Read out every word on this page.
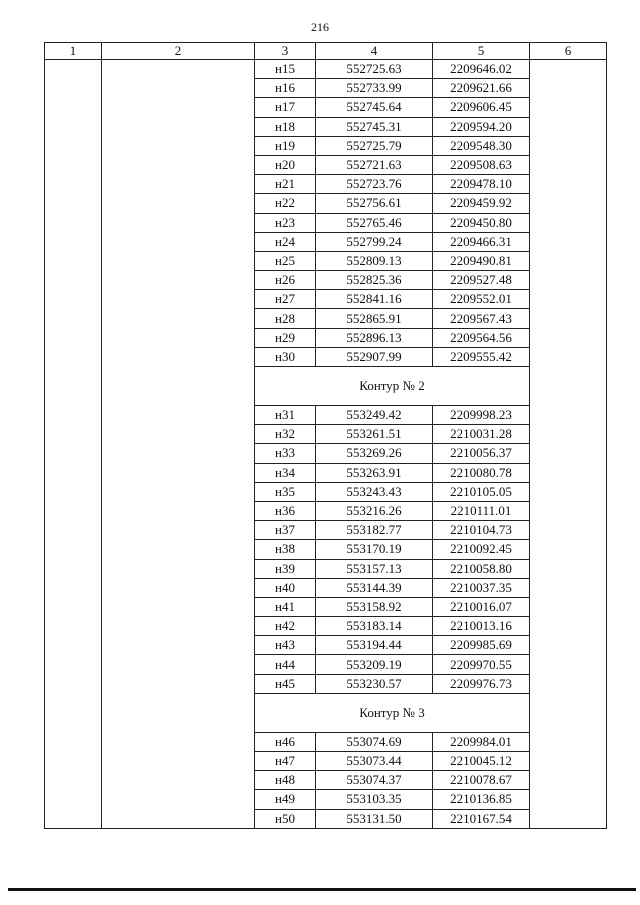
216
1	2	3	4	5	6
		н15	552725.63	2209646.02	
		н16	552733.99	2209621.66	
		н17	552745.64	2209606.45	
		н18	552745.31	2209594.20	
		н19	552725.79	2209548.30	
		н20	552721.63	2209508.63	
		н21	552723.76	2209478.10	
		н22	552756.61	2209459.92	
		н23	552765.46	2209450.80	
		н24	552799.24	2209466.31	
		н25	552809.13	2209490.81	
		н26	552825.36	2209527.48	
		н27	552841.16	2209552.01	
		н28	552865.91	2209567.43	
		н29	552896.13	2209564.56	
		н30	552907.99	2209555.42	
		Контур № 2			
		н31	553249.42	2209998.23	
		н32	553261.51	2210031.28	
		н33	553269.26	2210056.37	
		н34	553263.91	2210080.78	
		н35	553243.43	2210105.05	
		н36	553216.26	2210111.01	
		н37	553182.77	2210104.73	
		н38	553170.19	2210092.45	
		н39	553157.13	2210058.80	
		н40	553144.39	2210037.35	
		н41	553158.92	2210016.07	
		н42	553183.14	2210013.16	
		н43	553194.44	2209985.69	
		н44	553209.19	2209970.55	
		н45	553230.57	2209976.73	
		Контур № 3			
		н46	553074.69	2209984.01	
		н47	553073.44	2210045.12	
		н48	553074.37	2210078.67	
		н49	553103.35	2210136.85	
		н50	553131.50	2210167.54	
